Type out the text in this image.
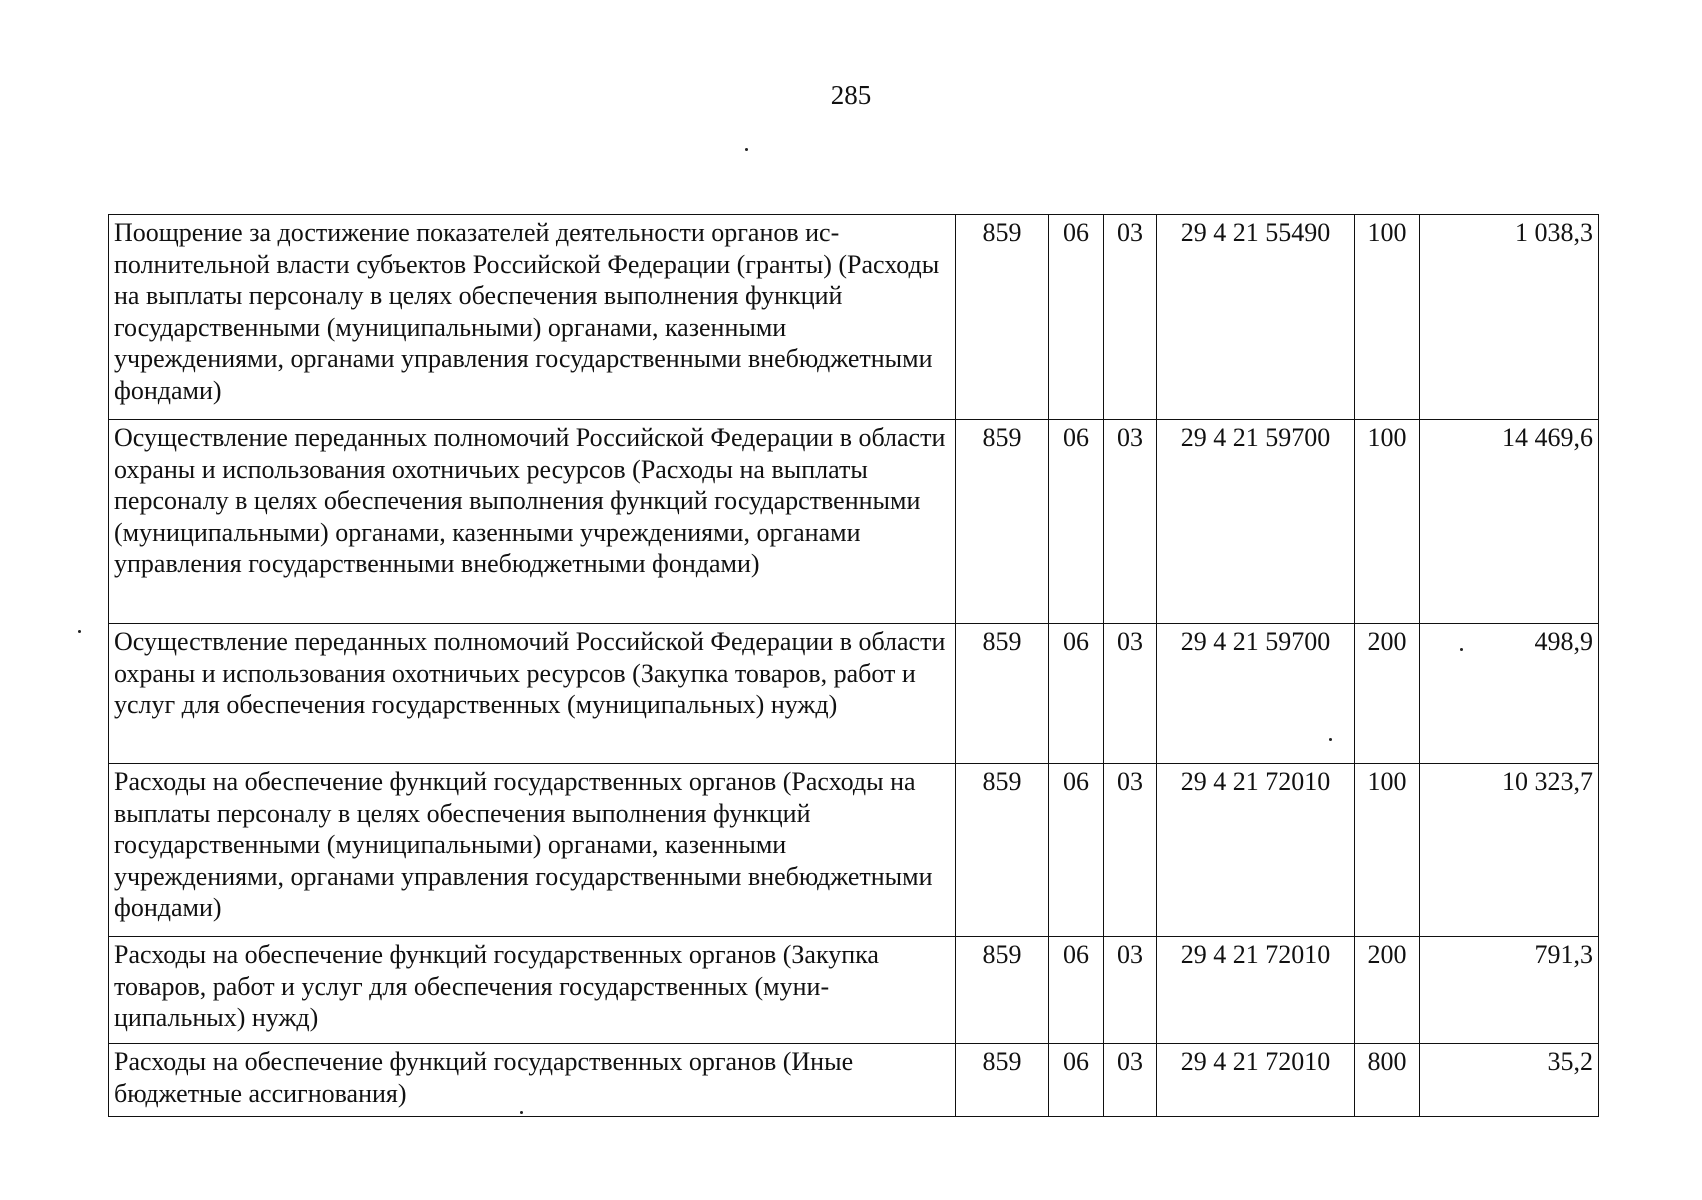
285
Поощрение за достижение показателей деятельности органов исполнительной власти субъектов Российской Федерации (гранты) (Расходы на выплаты персоналу в целях обеспечения выполнения функций государственными (муниципальными) органами, казенными учреждениями, органами управления государственными внебюджетными фондами)	859	06	03	29 4 21 55490	100	1 038,3
Осуществление переданных полномочий Российской Федерации в области охраны и использования охотничьих ресурсов (Расходы на выплаты персоналу в целях обеспечения выполнения функций государственными (муниципальными) органами, казенными учреждениями, органами управления государственными внебюджетными фондами)	859	06	03	29 4 21 59700	100	14 469,6
Осуществление переданных полномочий Российской Федерации в области охраны и использования охотничьих ресурсов (Закупка товаров, работ и услуг для обеспечения государственных (муниципальных) нужд)	859	06	03	29 4 21 59700	200	498,9
Расходы на обеспечение функций государственных органов (Расходы на выплаты персоналу в целях обеспечения выполнения функций государственными (муниципальными) органами, казенными учреждениями, органами управления государственными внебюджетными фондами)	859	06	03	29 4 21 72010	100	10 323,7
Расходы на обеспечение функций государственных органов (Закупка товаров, работ и услуг для обеспечения государственных (муниципальных) нужд)	859	06	03	29 4 21 72010	200	791,3
Расходы на обеспечение функций государственных органов (Иные бюджетные ассигнования)	859	06	03	29 4 21 72010	800	35,2
